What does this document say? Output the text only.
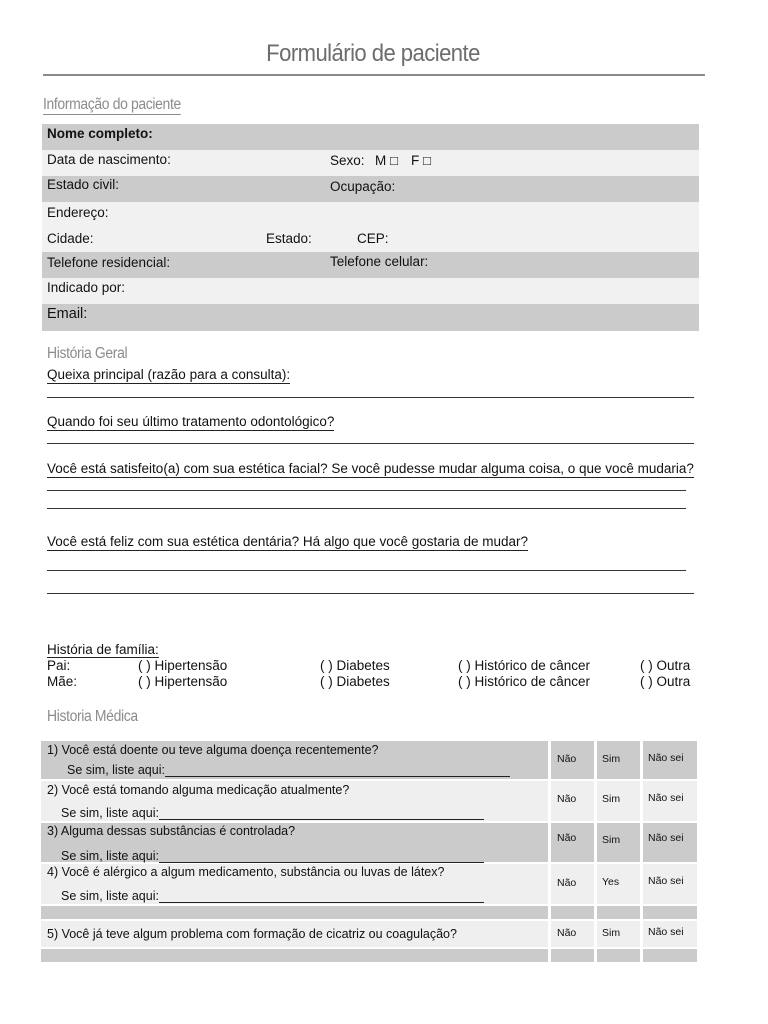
Formulário de paciente
Informação do paciente
Nome completo:
Data de nascimento:	Sexo: M □ F □
Estado civil:	Ocupação:
Endereço:
Cidade:	Estado:	CEP:
Telefone residencial:	Telefone celular:
Indicado por:
Email:
História Geral
Queixa principal (razão para a consulta):
Quando foi seu último tratamento odontológico?
Você está satisfeito(a) com sua estética facial? Se você pudesse mudar alguma coisa, o que você mudaria?
Você está feliz com sua estética dentária? Há algo que você gostaria de mudar?
História de família:
Pai:	( ) Hipertensão	( ) Diabetes	( ) Histórico de câncer	( ) Outra
Mãe:	( ) Hipertensão	( ) Diabetes	( ) Histórico de câncer	( ) Outra
Historia Médica
1) Você está doente ou teve alguma doença recentemente?
Se sim, liste aqui:
Não Sim	Não sei
2) Você está tomando alguma medicação atualmente?
Se sim, liste aqui:
Não Sim	Não sei
3) Alguma dessas substâncias é controlada?
Se sim, liste aqui:
Não Sim	Não sei
4) Você é alérgico a algum medicamento, substância ou luvas de látex?
Se sim, liste aqui:
Não Yes	Não sei
5) Você já teve algum problema com formação de cicatriz ou coagulação?	Não Sim	Não sei
